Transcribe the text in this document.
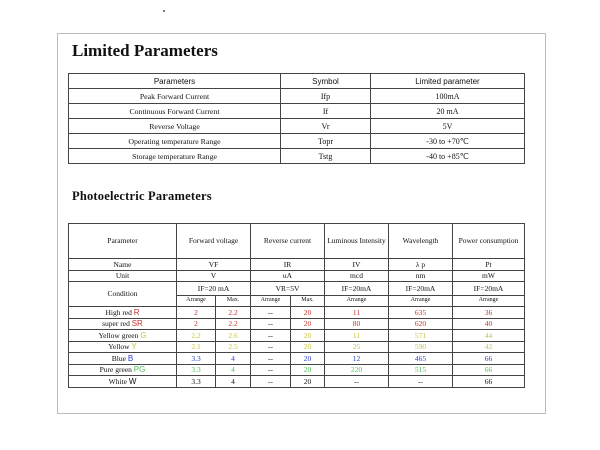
Limited Parameters
Parameters	Symbol	Limited parameter
Peak Forward Current	Ifp	100mA
Continuous Forward Current	If	20 mA
Reverse Voltage	Vr	5V
Operating temperature Range	Topr	-30 to +70℃
Storage temperature Range	Tstg	-40 to +85℃
Photoelectric Parameters
Parameter	Forward voltage		Reverse current		Luminous Intensity	Wavelength	Power consumption
Name	VF		IR		IV	λ p	Pt
Unit	V		uA		mcd	nm	mW
Condition	IF=20 mA		VR=5V		IF=20mA	IF=20mA	IF=20mA
	Arrange	Max.	Arrange	Max.	Arrange	Arrange	Arrange
High red R	2	2.2	--	20	11	635	36
super red SR	2	2.2	--	20	80	620	40
Yellow green G	2.2	2.6	--	20	11	571	44
Yellow Y	2.1	2.5	--	20	25	590	42
Blue B	3.3	4	--	20	12	465	66
Pure green PG	3.3	4	--	20	220	515	66
White W	3.3	4	--	20	--	--	66
